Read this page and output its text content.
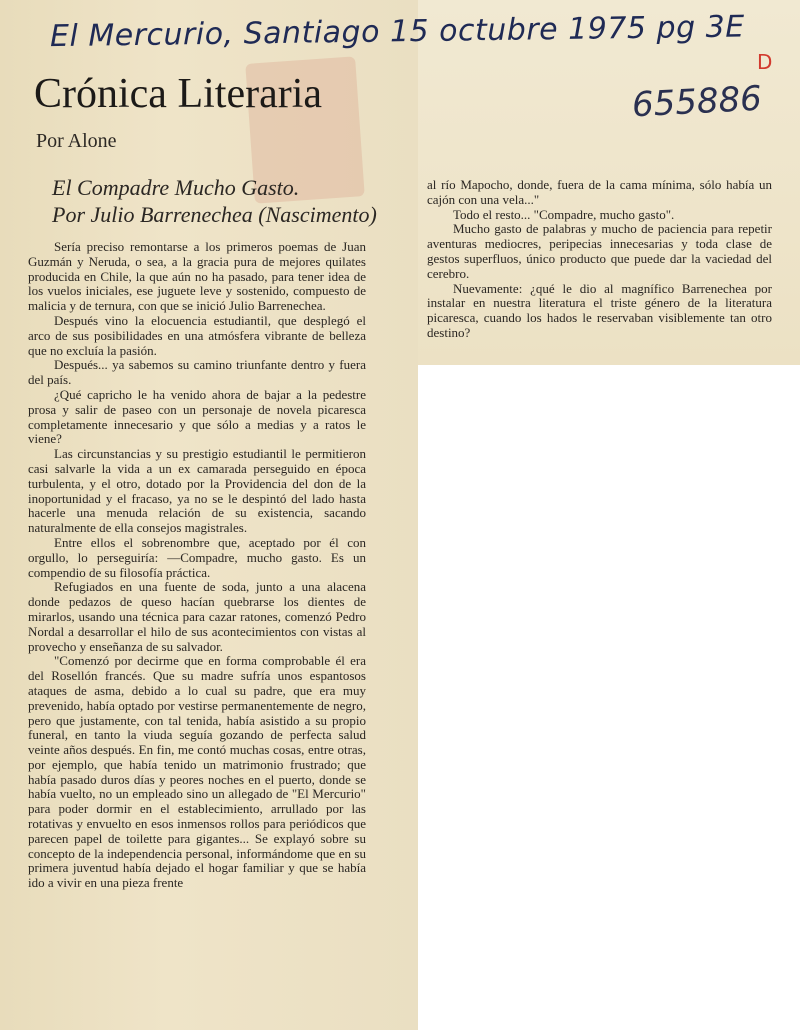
El Mercurio, Santiago 15 octubre 1975 pg 3E
D
655886
Crónica Literaria
Por Alone
El Compadre Mucho Gasto.
Por Julio Barrenechea (Nascimento)

Sería preciso remontarse a los primeros poemas de Juan Guzmán y Neruda, o sea, a la gracia pura de mejores quilates producida en Chile, la que aún no ha pasado, para tener idea de los vuelos iniciales, ese juguete leve y sostenido, compuesto de malicia y de ternura, con que se inició Julio Barrenechea.

Después vino la elocuencia estudiantil, que desplegó el arco de sus posibilidades en una atmósfera vibrante de belleza que no excluía la pasión.

Después... ya sabemos su camino triunfante dentro y fuera del país.

¿Qué capricho le ha venido ahora de bajar a la pedestre prosa y salir de paseo con un personaje de novela picaresca completamente innecesario y que sólo a medias y a ratos le viene?

Las circunstancias y su prestigio estudiantil le permitieron casi salvarle la vida a un ex camarada perseguido en época turbulenta, y el otro, dotado por la Providencia del don de la inoportunidad y el fracaso, ya no se le despintó del lado hasta hacerle una menuda relación de su existencia, sacando naturalmente de ella consejos magistrales.

Entre ellos el sobrenombre que, aceptado por él con orgullo, lo perseguiría: —Compadre, mucho gasto. Es un compendio de su filosofía práctica.

Refugiados en una fuente de soda, junto a una alacena donde pedazos de queso hacían quebrarse los dientes de mirarlos, usando una técnica para cazar ratones, comenzó Pedro Nordal a desarrollar el hilo de sus acontecimientos con vistas al provecho y enseñanza de su salvador.

"Comenzó por decirme que en forma comprobable él era del Rosellón francés. Que su madre sufría unos espantosos ataques de asma, debido a lo cual su padre, que era muy prevenido, había optado por vestirse permanentemente de negro, pero que justamente, con tal tenida, había asistido a su propio funeral, en tanto la viuda seguía gozando de perfecta salud veinte años después. En fin, me contó muchas cosas, entre otras, por ejemplo, que había tenido un matrimonio frustrado; que había pasado duros días y peores noches en el puerto, donde se había vuelto, no un empleado sino un allegado de "El Mercurio" para poder dormir en el establecimiento, arrullado por las rotativas y envuelto en esos inmensos rollos para periódicos que parecen papel de toilette para gigantes... Se explayó sobre su concepto de la independencia personal, informándome que en su primera juventud había dejado el hogar familiar y que se había ido a vivir en una pieza frente

al río Mapocho, donde, fuera de la cama mínima, sólo había un cajón con una vela..."

Todo el resto... "Compadre, mucho gasto".

Mucho gasto de palabras y mucho de paciencia para repetir aventuras mediocres, peripecias innecesarias y toda clase de gestos superfluos, único producto que puede dar la vaciedad del cerebro.

Nuevamente: ¿qué le dio al magnífico Barrenechea por instalar en nuestra literatura el triste género de la literatura picaresca, cuando los hados le reservaban visiblemente tan otro destino?
